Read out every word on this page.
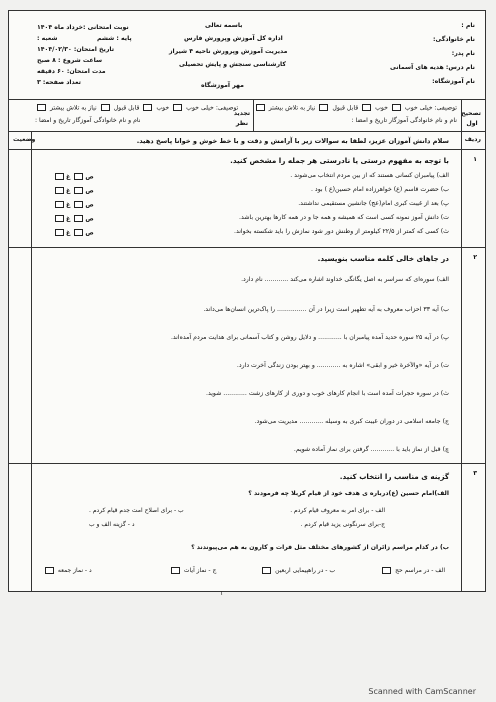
نام :
نام خانوادگی:
نام پدر:
نام درس: هدیه های آسمانی
نام آموزشگاه:
باسمه تعالی
اداره کل آموزش وپرورش فارس
مدیریت آموزش وپرورش ناحیه ۴ شیراز
کارشناسی سنجش و پایش تحصیلی
مهر آموزشگاه
نوبت امتحانی :خرداد ماه ۱۴۰۴
پایه : ششم
شعبه :
تاریخ امتحان: ۱۴۰۴/۰۲/۳۰
ساعت شروع : ۸ صبح
مدت امتحان: ۶۰ دقیقه
تعداد صفحه: ۳
توصیفی: خیلی خوب  خوب  قابل قبول  نیاز به تلاش بیشتر
نام و نام خانوادگی آموزگار تاریخ و امضا :
تصحیح اول
توصیفی: خیلی خوب  خوب  قابل قبول  نیاز به تلاش بیشتر
نام و نام خانوادگی آموزگار تاریخ و امضا :
تجدید نظر
ردیف
سلام دانش آموزان عزیز، لطفا به سوالات زیر با آرامش و دقت و با خط خوش و خوانا پاسخ دهید.
وضعیت
۱
با توجه به مفهوم درستی یا نادرستی هر جمله را مشخص کنید.
الف) پیامبران کسانی هستند که از بین مردم انتخاب می‌شوند .
ب) حضرت قاسم (ع) خواهرزاده امام حسین(ع ) بود .
پ) بعد از غیبت کبری امام(عج) جانشین مستقیمی نداشتند.
ت) دانش آموز نمونه کسی است که همیشه و همه جا و در همه کارها بهترین باشد.
ث) کسی که کمتر از ۲۲/۵ کیلومتر از وطنش دور شود نمازش را باید شکسته بخواند.
ص غ
ص غ
ص غ
ص غ
ص غ
۲
در جاهای خالی کلمه مناسب بنویسید.
الف) سوره‌ای که سراسر به اصل یگانگی خداوند اشاره می‌کند ............ نام دارد.
ب) آیه ۳۳ احزاب معروف به آیه تطهیر است زیرا در آن ............... را پاک‌ترین انسان‌ها می‌داند.
پ) در آیه ۲۵ سوره حدید آمده پیامبران با ............ و دلایل روشن و کتاب آسمانی برای هدایت مردم آمده‌اند.
ت) در آیه «والآخرة خیر و ابقی» اشاره به ............ و بهتر بودن زندگی آخرت دارد.
ث) در سوره حجرات آمده است با انجام کارهای خوب و دوری از کارهای زشت ............ شوید.
ج) جامعه اسلامی در دوران غیبت کبری به وسیله ............ مدیریت می‌شود.
چ) قبل از نماز باید با ............ گرفتن برای نماز آماده شویم.
۳
گزینه ی مناسب را انتخاب کنید.
الف)امام حسین (ع)درباره ی هدف خود از قیام کربلا چه فرمودند ؟
الف - برای امر به معروف قیام کردم .
ب - برای اصلاح امت جدم قیام کردم .
ج-برای سرنگونی یزید قیام کردم .
د - گزینه الف و ب
ب) در کدام مراسم زائران از کشورهای مختلف مثل فرات و کارون به هم می‌پیوندند ؟
الف - در مراسم حج
ب - در راهپیمایی اربعین
ج - نماز آیات
د - نماز جمعه
۱
Scanned with CamScanner
